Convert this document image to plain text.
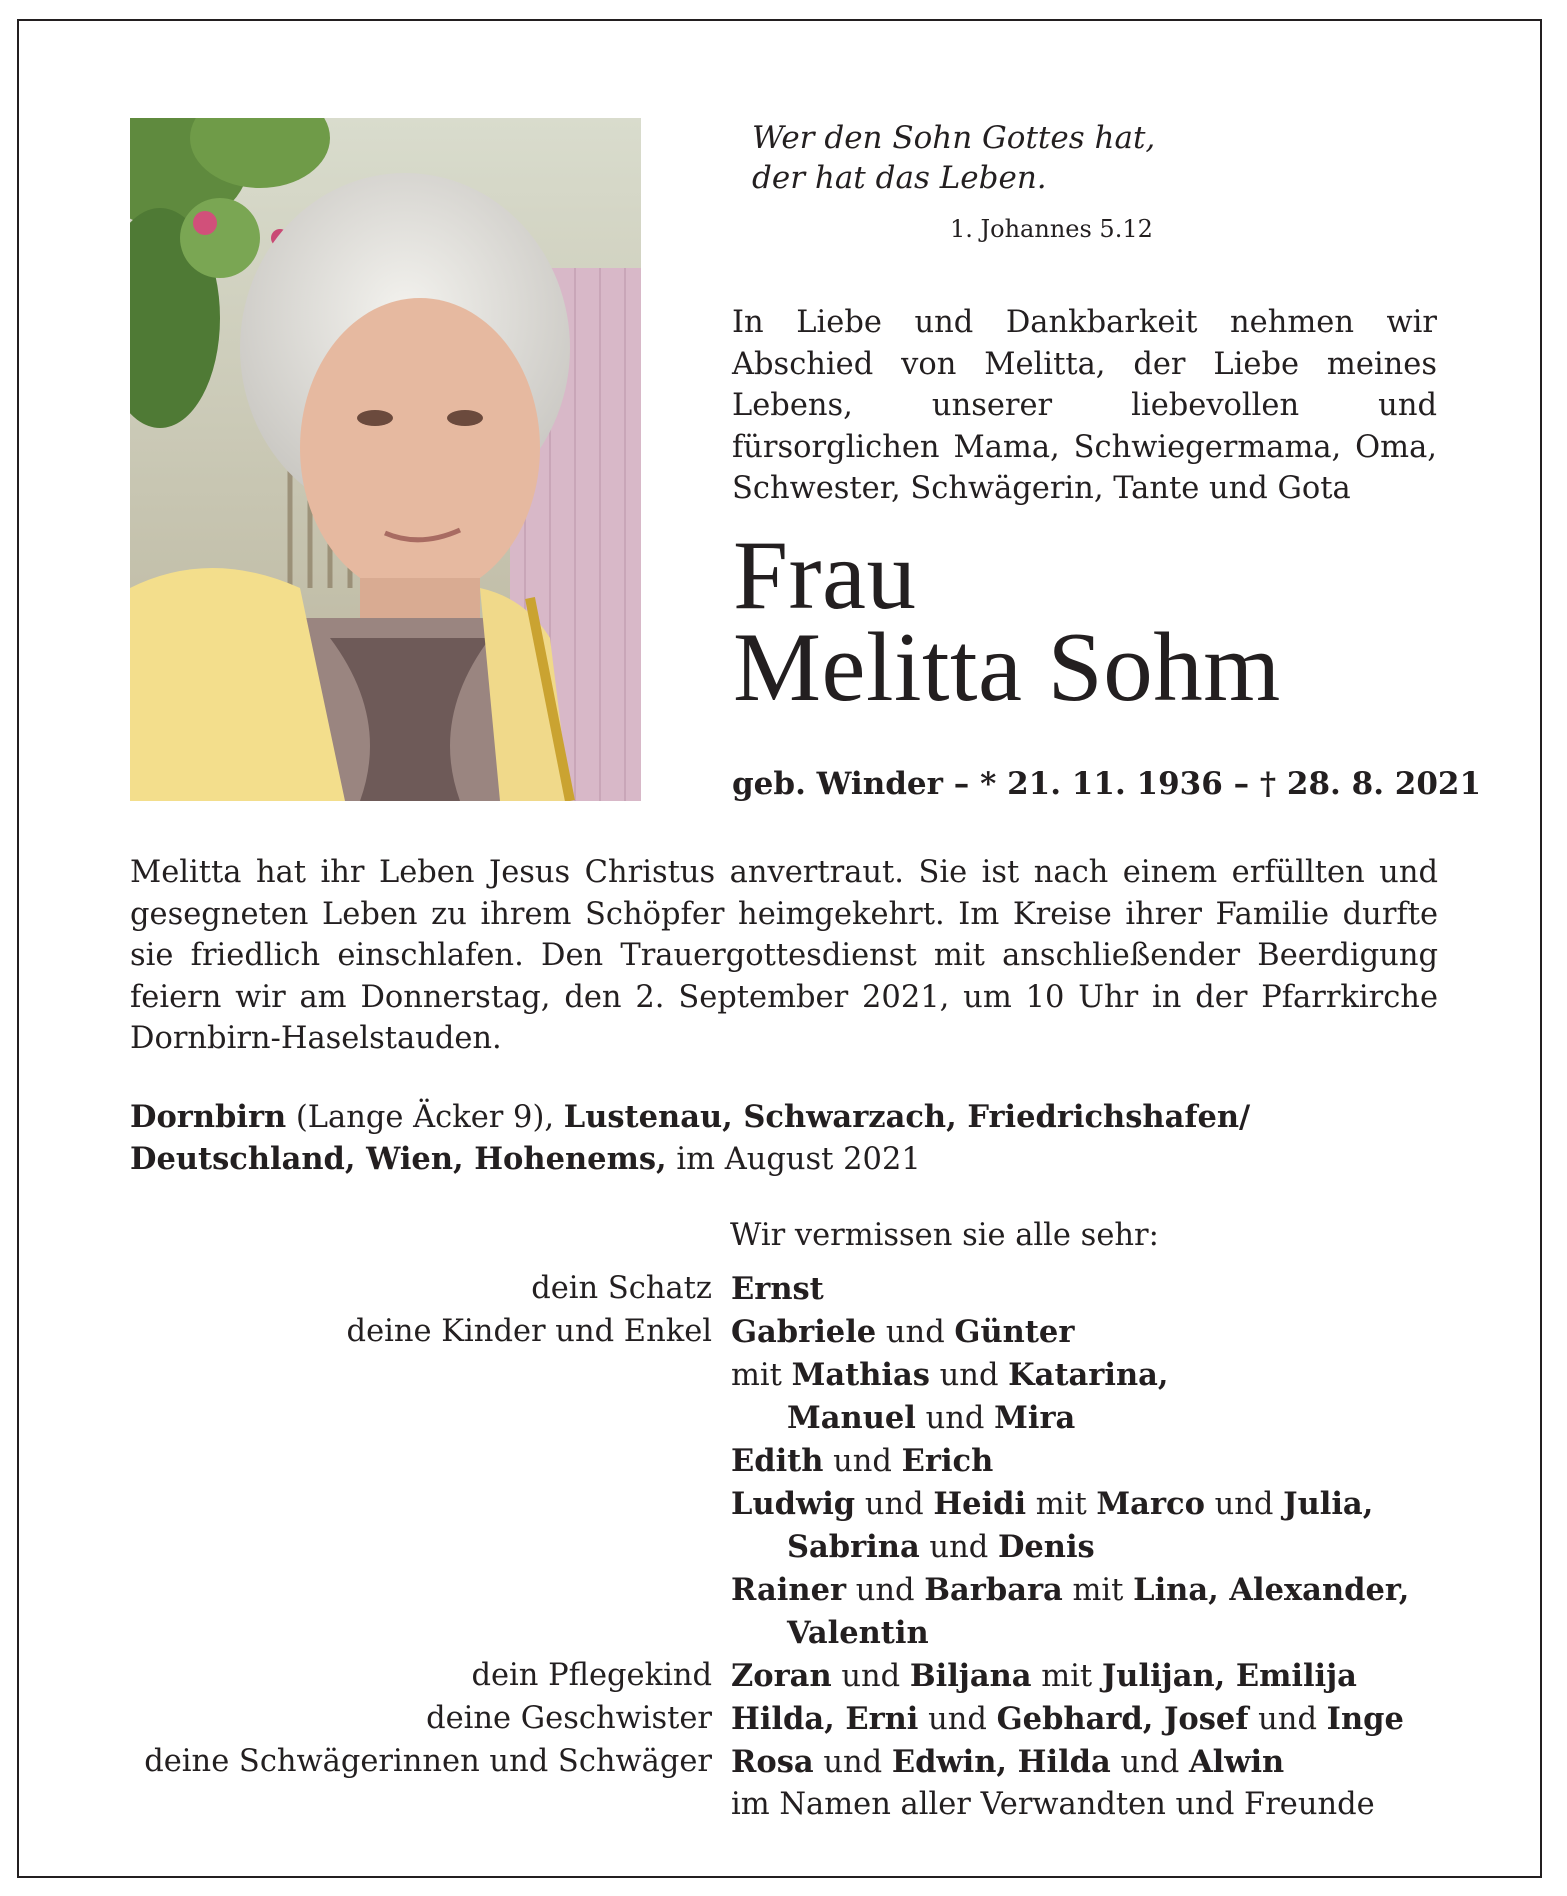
Wer den Sohn Gottes hat,
der hat das Leben.
1. Johannes 5.12

In Liebe und Dankbarkeit nehmen wir Abschied von Melitta, der Liebe meines Lebens, unserer liebevollen und fürsorglichen Mama, Schwiegermama, Oma, Schwester, Schwägerin, Tante und Gota

Frau
Melitta Sohm
geb. Winder – * 21. 11. 1936 – † 28. 8. 2021

Melitta hat ihr Leben Jesus Christus anvertraut. Sie ist nach einem erfüllten und gesegneten Leben zu ihrem Schöpfer heimgekehrt. Im Kreise ihrer Familie durfte sie friedlich einschlafen. Den Trauergottesdienst mit anschließender Beerdigung feiern wir am Donnerstag, den 2. September 2021, um 10 Uhr in der Pfarrkirche Dornbirn-Haselstauden.

Dornbirn (Lange Äcker 9), Lustenau, Schwarzach, Friedrichshafen/
Deutschland, Wien, Hohenems, im August 2021
Wir vermissen sie alle sehr:
dein Schatz Ernst
deine Kinder und Enkel Gabriele und Günter
mit Mathias und Katarina,
Manuel und Mira
Edith und Erich
Ludwig und Heidi mit Marco und Julia,
Sabrina und Denis
Rainer und Barbara mit Lina, Alexander,
Valentin
dein Pflegekind Zoran und Biljana mit Julijan, Emilija
deine Geschwister Hilda, Erni und Gebhard, Josef und Inge
deine Schwägerinnen und Schwäger Rosa und Edwin, Hilda und Alwin
im Namen aller Verwandten und Freunde
